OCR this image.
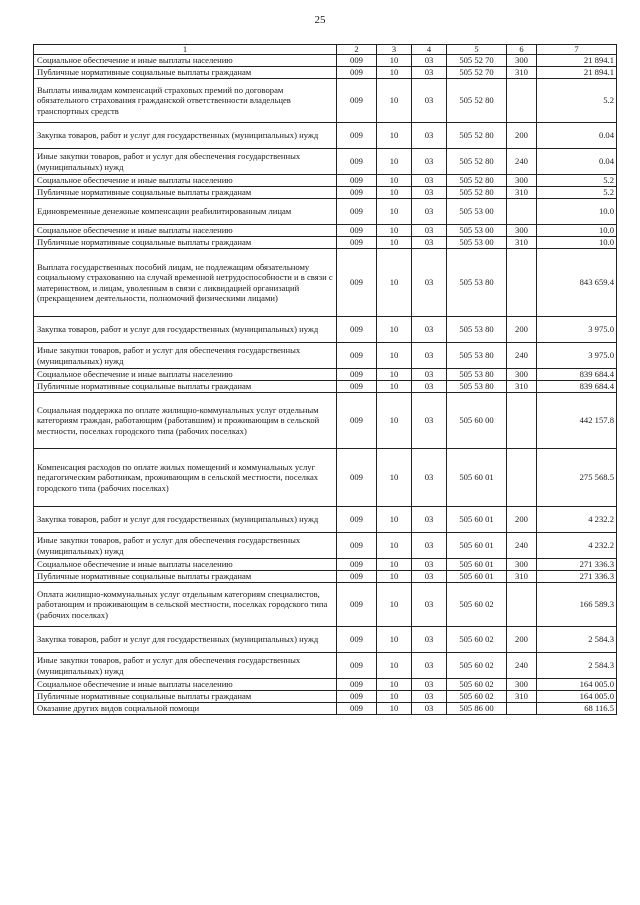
25
1	2	3	4	5	6	7
Социальное обеспечение и иные выплаты населению	009	10	03	505 52 70	300	21 894.1
Публичные нормативные социальные выплаты гражданам	009	10	03	505 52 70	310	21 894.1
Выплаты инвалидам компенсаций страховых премий по договорам обязательного страхования гражданской ответственности владельцев транспортных средств	009	10	03	505 52 80		5.2
Закупка товаров, работ и услуг для государственных (муниципальных) нужд	009	10	03	505 52 80	200	0.04
Иные закупки товаров, работ и услуг для обеспечения государственных (муниципальных) нужд	009	10	03	505 52 80	240	0.04
Социальное обеспечение и иные выплаты населению	009	10	03	505 52 80	300	5.2
Публичные нормативные социальные выплаты гражданам	009	10	03	505 52 80	310	5.2
Единовременные денежные компенсации реабилитированным лицам	009	10	03	505 53 00		10.0
Социальное обеспечение и иные выплаты населению	009	10	03	505 53 00	300	10.0
Публичные нормативные социальные выплаты гражданам	009	10	03	505 53 00	310	10.0
Выплата государственных пособий лицам, не подлежащим обязательному социальному страхованию на случай временной нетрудоспособности и в связи с материнством, и лицам, уволенным в связи с ликвидацией организаций (прекращением деятельности, полномочий физическими лицами)	009	10	03	505 53 80		843 659.4
Закупка товаров, работ и услуг для государственных (муниципальных) нужд	009	10	03	505 53 80	200	3 975.0
Иные закупки товаров, работ и услуг для обеспечения государственных (муниципальных) нужд	009	10	03	505 53 80	240	3 975.0
Социальное обеспечение и иные выплаты населению	009	10	03	505 53 80	300	839 684.4
Публичные нормативные социальные выплаты гражданам	009	10	03	505 53 80	310	839 684.4
Социальная поддержка по оплате жилищно-коммунальных услуг отдельным категориям граждан, работающим (работавшим) и проживающим в сельской местности, поселках городского типа (рабочих поселках)	009	10	03	505 60 00		442 157.8
Компенсация расходов по оплате жилых помещений и коммунальных услуг педагогическим работникам, проживающим в сельской местности, поселках городского типа (рабочих поселках)	009	10	03	505 60 01		275 568.5
Закупка товаров, работ и услуг для государственных (муниципальных) нужд	009	10	03	505 60 01	200	4 232.2
Иные закупки товаров, работ и услуг для обеспечения государственных (муниципальных) нужд	009	10	03	505 60 01	240	4 232.2
Социальное обеспечение и иные выплаты населению	009	10	03	505 60 01	300	271 336.3
Публичные нормативные социальные выплаты гражданам	009	10	03	505 60 01	310	271 336.3
Оплата жилищно-коммунальных услуг отдельным категориям специалистов, работающим и проживающим в сельской местности, поселках городского типа (рабочих поселках)	009	10	03	505 60 02		166 589.3
Закупка товаров, работ и услуг для государственных (муниципальных) нужд	009	10	03	505 60 02	200	2 584.3
Иные закупки товаров, работ и услуг для обеспечения государственных (муниципальных) нужд	009	10	03	505 60 02	240	2 584.3
Социальное обеспечение и иные выплаты населению	009	10	03	505 60 02	300	164 005.0
Публичные нормативные социальные выплаты гражданам	009	10	03	505 60 02	310	164 005.0
Оказание других видов социальной помощи	009	10	03	505 86 00		68 116.5
